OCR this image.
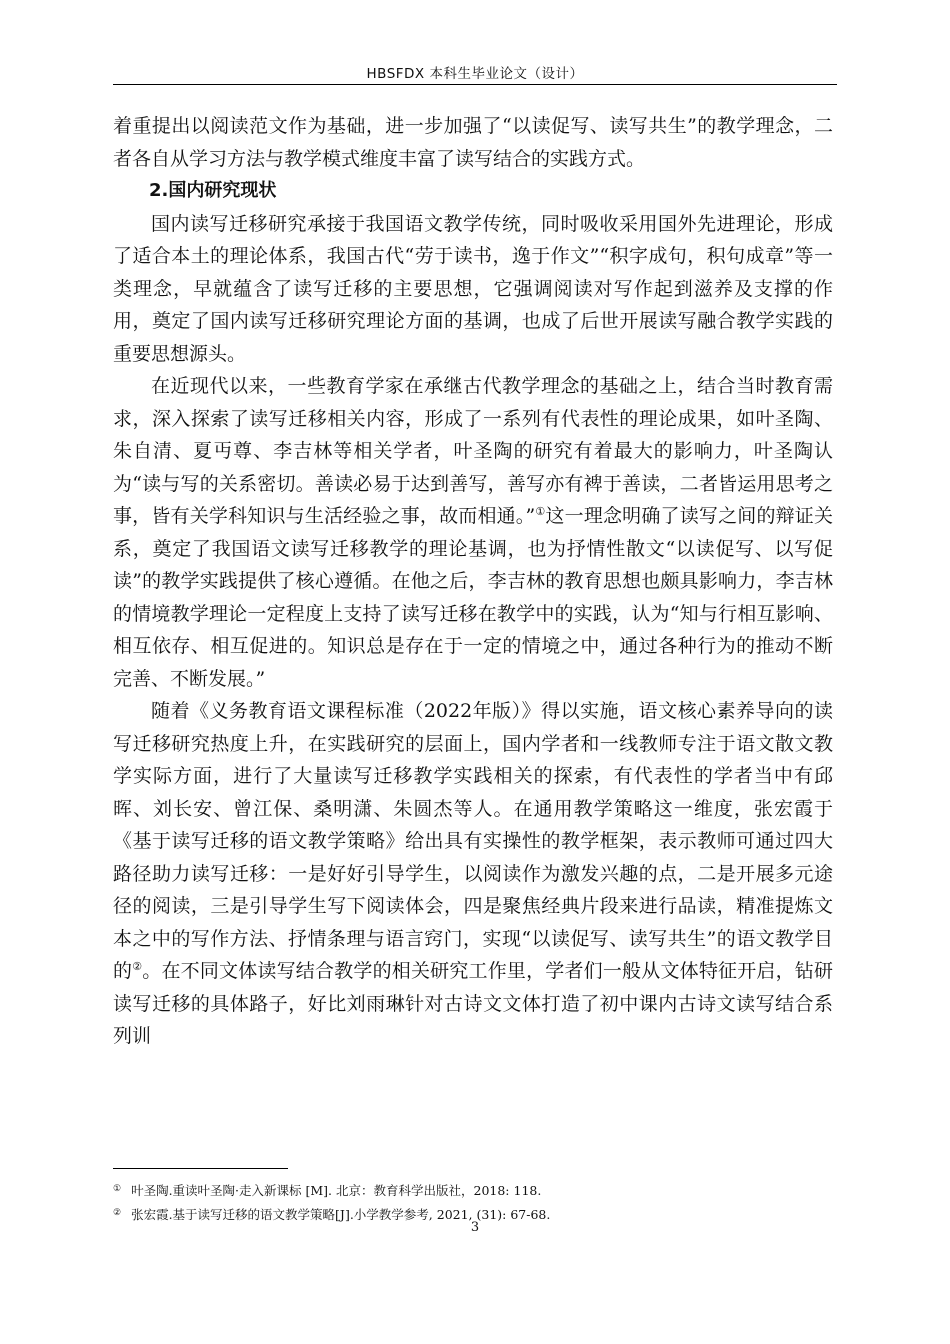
HBSFDX 本科生毕业论文（设计）

着重提出以阅读范文作为基础，进一步加强了“以读促写、读写共生”的教学理念，二者各自从学习方法与教学模式维度丰富了读写结合的实践方式。

2.国内研究现状

国内读写迁移研究承接于我国语文教学传统，同时吸收采用国外先进理论，形成了适合本土的理论体系，我国古代“劳于读书，逸于作文”“积字成句，积句成章”等一类理念，早就蕴含了读写迁移的主要思想，它强调阅读对写作起到滋养及支撑的作用，奠定了国内读写迁移研究理论方面的基调，也成了后世开展读写融合教学实践的重要思想源头。

在近现代以来，一些教育学家在承继古代教学理念的基础之上，结合当时教育需求，深入探索了读写迁移相关内容，形成了一系列有代表性的理论成果，如叶圣陶、朱自清、夏丏尊、李吉林等相关学者，叶圣陶的研究有着最大的影响力，叶圣陶认为“读与写的关系密切。善读必易于达到善写，善写亦有裨于善读，二者皆运用思考之事，皆有关学科知识与生活经验之事，故而相通。”①这一理念明确了读写之间的辩证关系，奠定了我国语文读写迁移教学的理论基调，也为抒情性散文“以读促写、以写促读”的教学实践提供了核心遵循。在他之后，李吉林的教育思想也颇具影响力，李吉林的情境教学理论一定程度上支持了读写迁移在教学中的实践，认为“知与行相互影响、相互依存、相互促进的。知识总是存在于一定的情境之中，通过各种行为的推动不断完善、不断发展。”

随着《义务教育语文课程标准（2022年版）》得以实施，语文核心素养导向的读写迁移研究热度上升，在实践研究的层面上，国内学者和一线教师专注于语文散文教学实际方面，进行了大量读写迁移教学实践相关的探索，有代表性的学者当中有邱晖、刘长安、曾江保、桑明潇、朱圆杰等人。在通用教学策略这一维度，张宏霞于《基于读写迁移的语文教学策略》给出具有实操性的教学框架，表示教师可通过四大路径助力读写迁移：一是好好引导学生，以阅读作为激发兴趣的点，二是开展多元途径的阅读，三是引导学生写下阅读体会，四是聚焦经典片段来进行品读，精准提炼文本之中的写作方法、抒情条理与语言窍门，实现“以读促写、读写共生”的语文教学目的②。在不同文体读写结合教学的相关研究工作里，学者们一般从文体特征开启，钻研读写迁移的具体路子，好比刘雨琳针对古诗文文体打造了初中课内古诗文读写结合系列训

① 叶圣陶.重读叶圣陶·走入新课标 [M]. 北京：教育科学出版社，2018: 118.
② 张宏霞.基于读写迁移的语文教学策略[J].小学教学参考, 2021, (31): 67-68.
3
